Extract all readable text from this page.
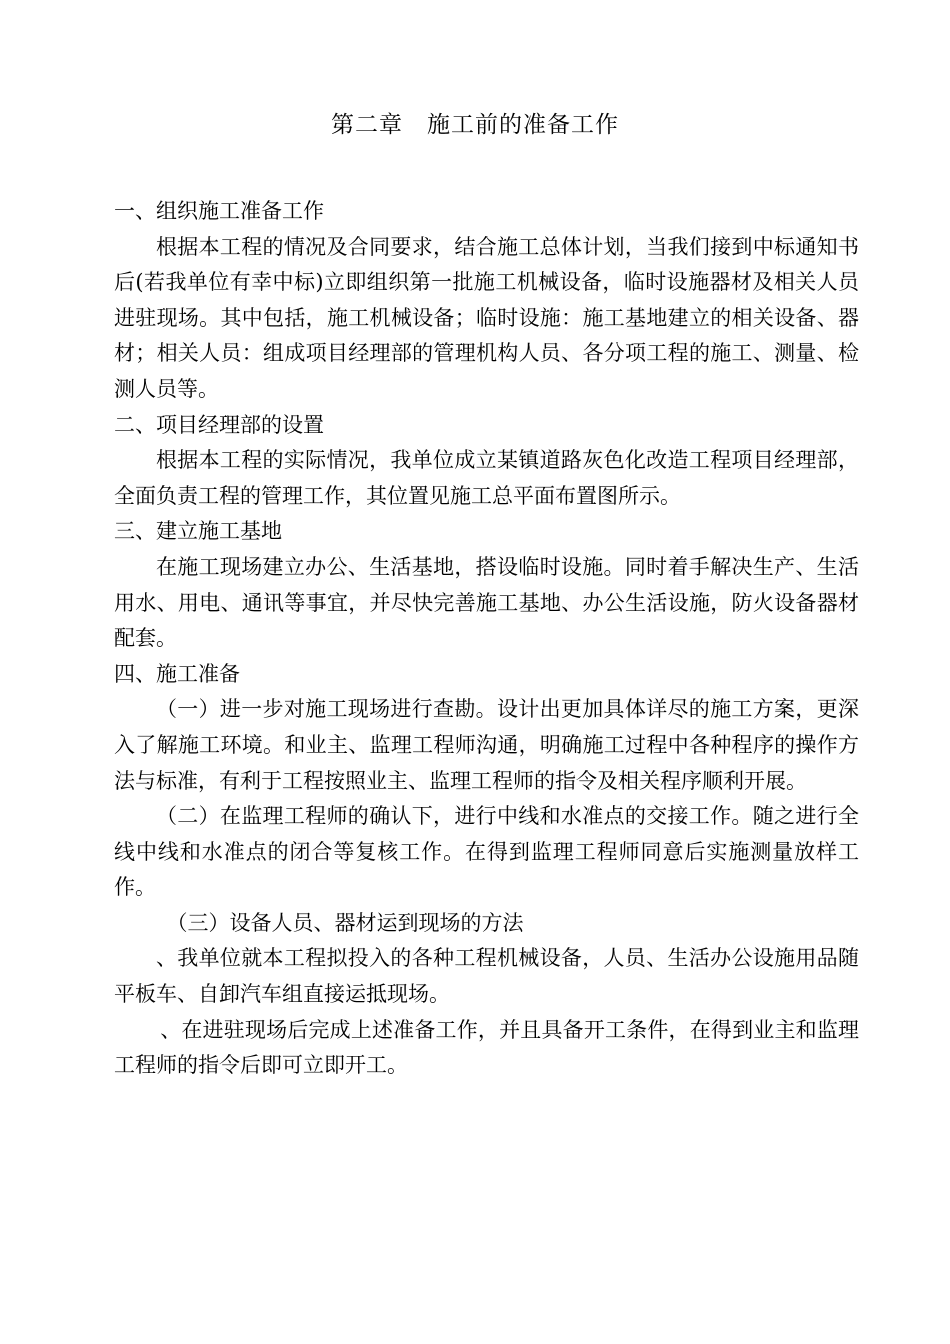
第二章　施工前的准备工作

一、组织施工准备工作

根据本工程的情况及合同要求，结合施工总体计划，当我们接到中标通知书后(若我单位有幸中标)立即组织第一批施工机械设备，临时设施器材及相关人员进驻现场。其中包括，施工机械设备；临时设施：施工基地建立的相关设备、器材；相关人员：组成项目经理部的管理机构人员、各分项工程的施工、测量、检测人员等。

二、项目经理部的设置

根据本工程的实际情况，我单位成立某镇道路灰色化改造工程项目经理部，全面负责工程的管理工作，其位置见施工总平面布置图所示。

三、建立施工基地

在施工现场建立办公、生活基地，搭设临时设施。同时着手解决生产、生活用水、用电、通讯等事宜，并尽快完善施工基地、办公生活设施，防火设备器材配套。

四、施工准备

（一）进一步对施工现场进行查勘。设计出更加具体详尽的施工方案，更深入了解施工环境。和业主、监理工程师沟通，明确施工过程中各种程序的操作方法与标准，有利于工程按照业主、监理工程师的指令及相关程序顺利开展。

（二）在监理工程师的确认下，进行中线和水准点的交接工作。随之进行全线中线和水准点的闭合等复核工作。在得到监理工程师同意后实施测量放样工作。

（三）设备人员、器材运到现场的方法

、我单位就本工程拟投入的各种工程机械设备，人员、生活办公设施用品随平板车、自卸汽车组直接运抵现场。

、在进驻现场后完成上述准备工作，并且具备开工条件，在得到业主和监理工程师的指令后即可立即开工。
